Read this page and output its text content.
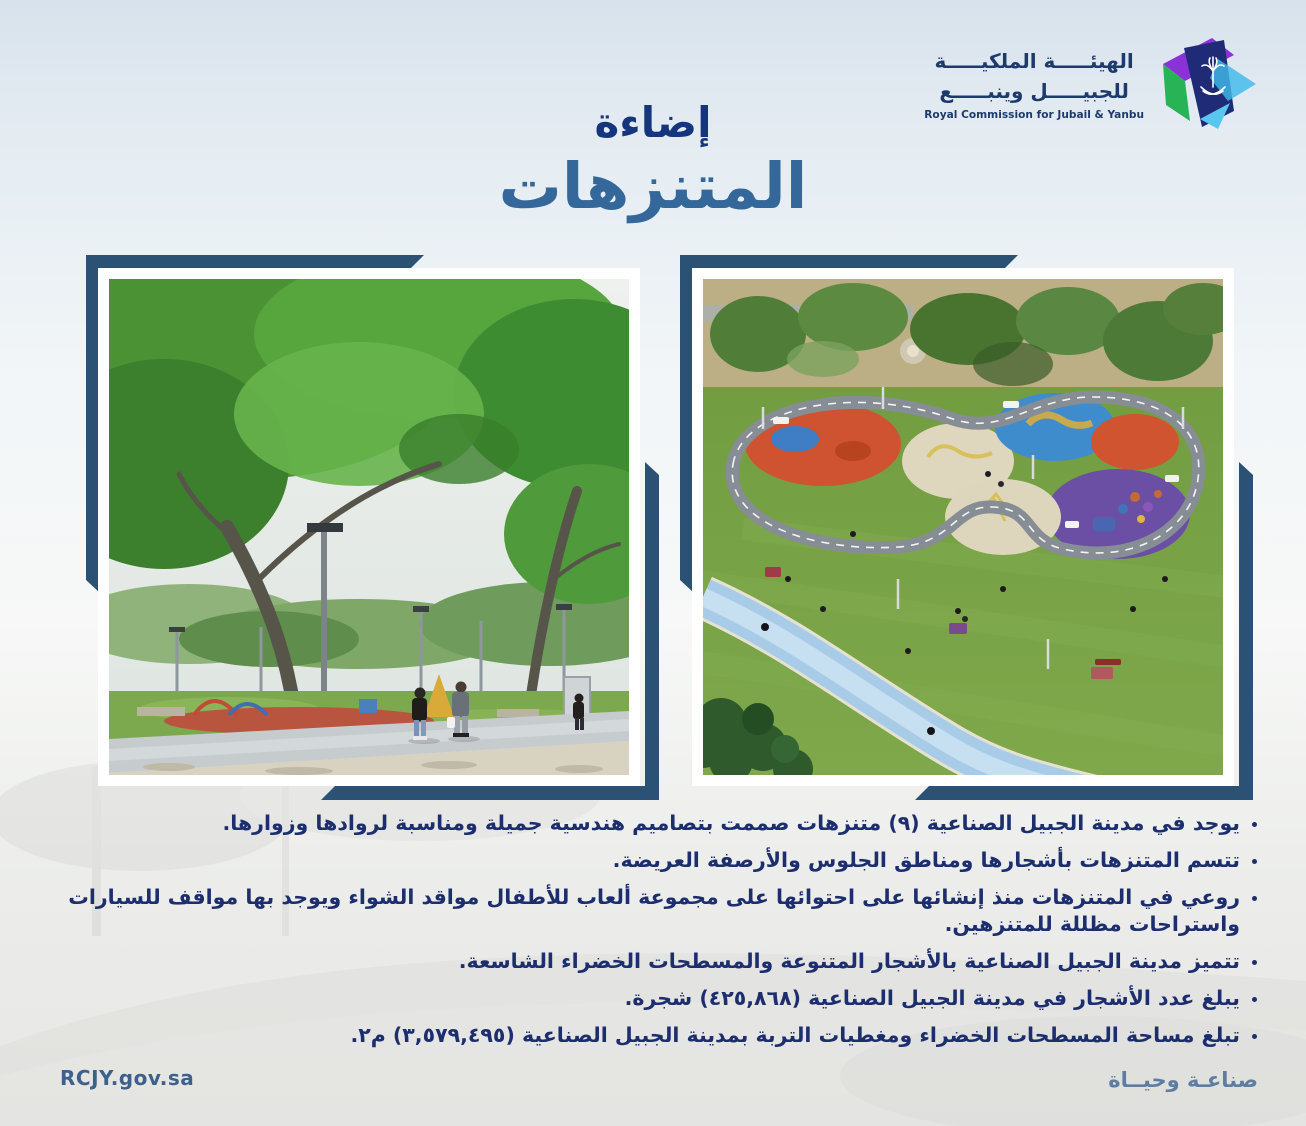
الهيئـــــة الملكيـــــة
للجبيـــــل وينبـــــع
Royal Commission for Jubail & Yanbu
إضاءة
المتنزهات
• يوجد في مدينة الجبيل الصناعية (٩) متنزهات صممت بتصاميم هندسية جميلة ومناسبة لروادها وزوارها.
• تتسم المتنزهات بأشجارها ومناطق الجلوس والأرصفة العريضة.
• روعي في المتنزهات منذ إنشائها على احتوائها على مجموعة ألعاب للأطفال مواقد الشواء ويوجد بها مواقف للسيارات واستراحات مظللة للمتنزهين.
• تتميز مدينة الجبيل الصناعية بالأشجار المتنوعة والمسطحات الخضراء الشاسعة.
• يبلغ عدد الأشجار في مدينة الجبيل الصناعية (٤٢٥,٨٦٨) شجرة.
• تبلغ مساحة المسطحات الخضراء ومغطيات التربة بمدينة الجبيل الصناعية (٣,٥٧٩,٤٩٥) م٢.
RCJY.gov.sa	صناعـة وحيــاة
